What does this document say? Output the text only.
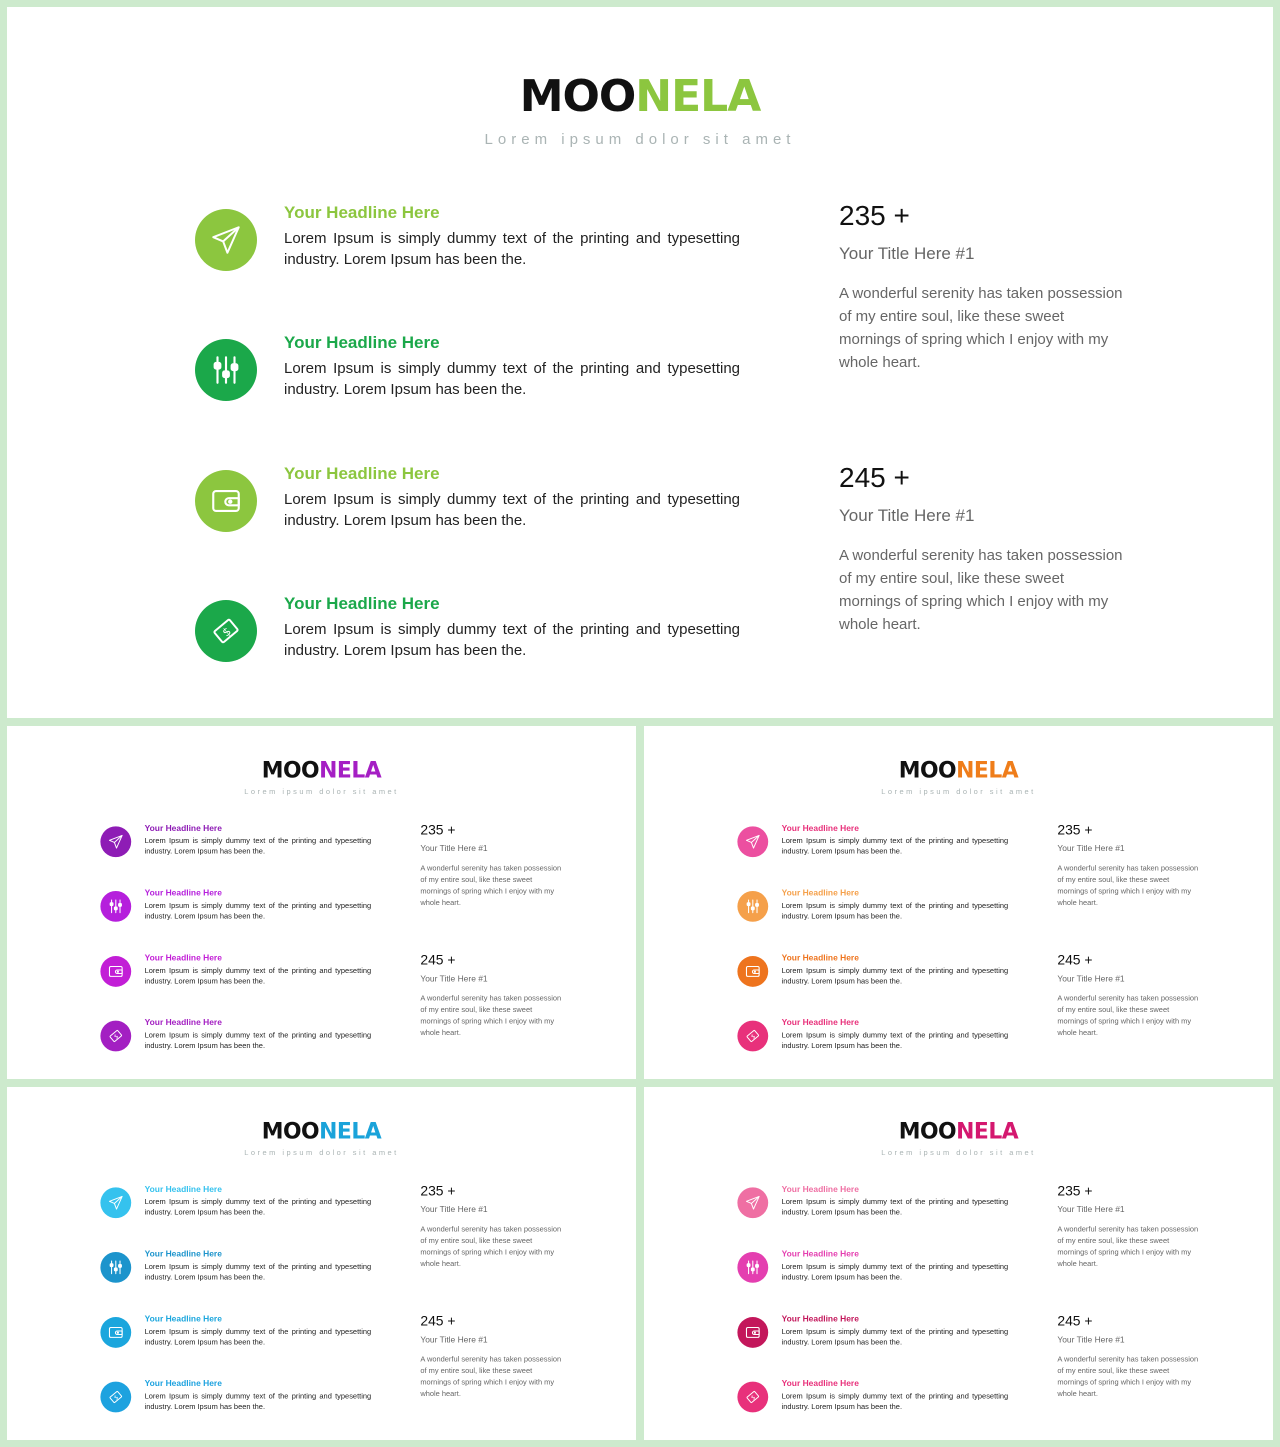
MOONELA
Lorem ipsum dolor sit amet
Your Headline Here
Lorem Ipsum is simply dummy text of the printing and typesetting industry. Lorem Ipsum has been the.
Your Headline Here
Lorem Ipsum is simply dummy text of the printing and typesetting industry. Lorem Ipsum has been the.
Your Headline Here
Lorem Ipsum is simply dummy text of the printing and typesetting industry. Lorem Ipsum has been the.
$
Your Headline Here
Lorem Ipsum is simply dummy text of the printing and typesetting industry. Lorem Ipsum has been the.
235 +
Your Title Here #1
A wonderful serenity has taken possession of my entire soul, like these sweet mornings of spring which I enjoy with my whole heart.
245 +
Your Title Here #1
A wonderful serenity has taken possession of my entire soul, like these sweet mornings of spring which I enjoy with my whole heart.
MOONELA
Lorem ipsum dolor sit amet
Your Headline Here
Lorem Ipsum is simply dummy text of the printing and typesetting industry. Lorem Ipsum has been the.
Your Headline Here
Lorem Ipsum is simply dummy text of the printing and typesetting industry. Lorem Ipsum has been the.
Your Headline Here
Lorem Ipsum is simply dummy text of the printing and typesetting industry. Lorem Ipsum has been the.
$
Your Headline Here
Lorem Ipsum is simply dummy text of the printing and typesetting industry. Lorem Ipsum has been the.
235 +
Your Title Here #1
A wonderful serenity has taken possession of my entire soul, like these sweet mornings of spring which I enjoy with my whole heart.
245 +
Your Title Here #1
A wonderful serenity has taken possession of my entire soul, like these sweet mornings of spring which I enjoy with my whole heart.
MOONELA
Lorem ipsum dolor sit amet
Your Headline Here
Lorem Ipsum is simply dummy text of the printing and typesetting industry. Lorem Ipsum has been the.
Your Headline Here
Lorem Ipsum is simply dummy text of the printing and typesetting industry. Lorem Ipsum has been the.
Your Headline Here
Lorem Ipsum is simply dummy text of the printing and typesetting industry. Lorem Ipsum has been the.
$
Your Headline Here
Lorem Ipsum is simply dummy text of the printing and typesetting industry. Lorem Ipsum has been the.
235 +
Your Title Here #1
A wonderful serenity has taken possession of my entire soul, like these sweet mornings of spring which I enjoy with my whole heart.
245 +
Your Title Here #1
A wonderful serenity has taken possession of my entire soul, like these sweet mornings of spring which I enjoy with my whole heart.
MOONELA
Lorem ipsum dolor sit amet
Your Headline Here
Lorem Ipsum is simply dummy text of the printing and typesetting industry. Lorem Ipsum has been the.
Your Headline Here
Lorem Ipsum is simply dummy text of the printing and typesetting industry. Lorem Ipsum has been the.
Your Headline Here
Lorem Ipsum is simply dummy text of the printing and typesetting industry. Lorem Ipsum has been the.
$
Your Headline Here
Lorem Ipsum is simply dummy text of the printing and typesetting industry. Lorem Ipsum has been the.
235 +
Your Title Here #1
A wonderful serenity has taken possession of my entire soul, like these sweet mornings of spring which I enjoy with my whole heart.
245 +
Your Title Here #1
A wonderful serenity has taken possession of my entire soul, like these sweet mornings of spring which I enjoy with my whole heart.
MOONELA
Lorem ipsum dolor sit amet
Your Headline Here
Lorem Ipsum is simply dummy text of the printing and typesetting industry. Lorem Ipsum has been the.
Your Headline Here
Lorem Ipsum is simply dummy text of the printing and typesetting industry. Lorem Ipsum has been the.
Your Headline Here
Lorem Ipsum is simply dummy text of the printing and typesetting industry. Lorem Ipsum has been the.
$
Your Headline Here
Lorem Ipsum is simply dummy text of the printing and typesetting industry. Lorem Ipsum has been the.
235 +
Your Title Here #1
A wonderful serenity has taken possession of my entire soul, like these sweet mornings of spring which I enjoy with my whole heart.
245 +
Your Title Here #1
A wonderful serenity has taken possession of my entire soul, like these sweet mornings of spring which I enjoy with my whole heart.
